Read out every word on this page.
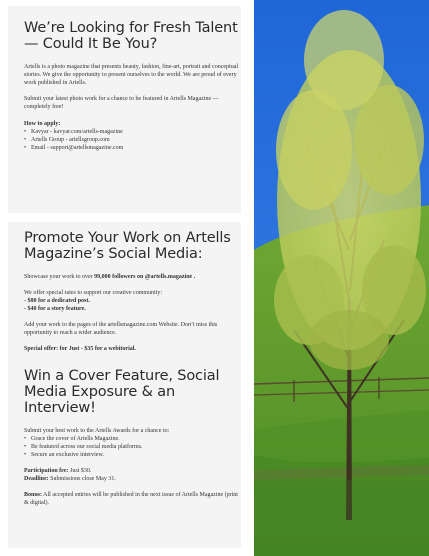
We’re Looking for Fresh Talent — Could It Be You?

Artells is a photo magazine that presents beauty, fashion, fine-art, portrait and conceptual stories. We give the opportunity to present ourselves to the world. We are proud of every work published in Artells.

Submit your latest photo work for a chance to be featured in Artells Magazine — completely free!

How to apply:
• Kavyar - kavyar.com/artells-magazine
• Artells Group - artellsgroup.com
• Email - support@artellsmagazine.com
Promote Your Work on Artells Magazine’s Social Media:

Showcase your work to over 99,000 followers on @artells.magazine .

We offer special rates to support our creative community:
- $80 for a dedicated post.
- $40 for a story feature.

Add your work to the pages of the artellsmagazine.com Website. Don’t miss this opportunity to reach a wider audience.

Special offer: for Just - $35 for a webitorial.

Win a Cover Feature, Social Media Exposure & an Interview!

Submit your best work to the Artells Awards for a chance to:

• Grace the cover of Artells Magazine.
• Be featured across our social media platforms.
• Secure an exclusive interview.

Participation fee: Just $30.
Deadline: Submissions close May 31.

Bonus: All accepted entries will be published in the next issue of Artells Magazine (print & digital).
